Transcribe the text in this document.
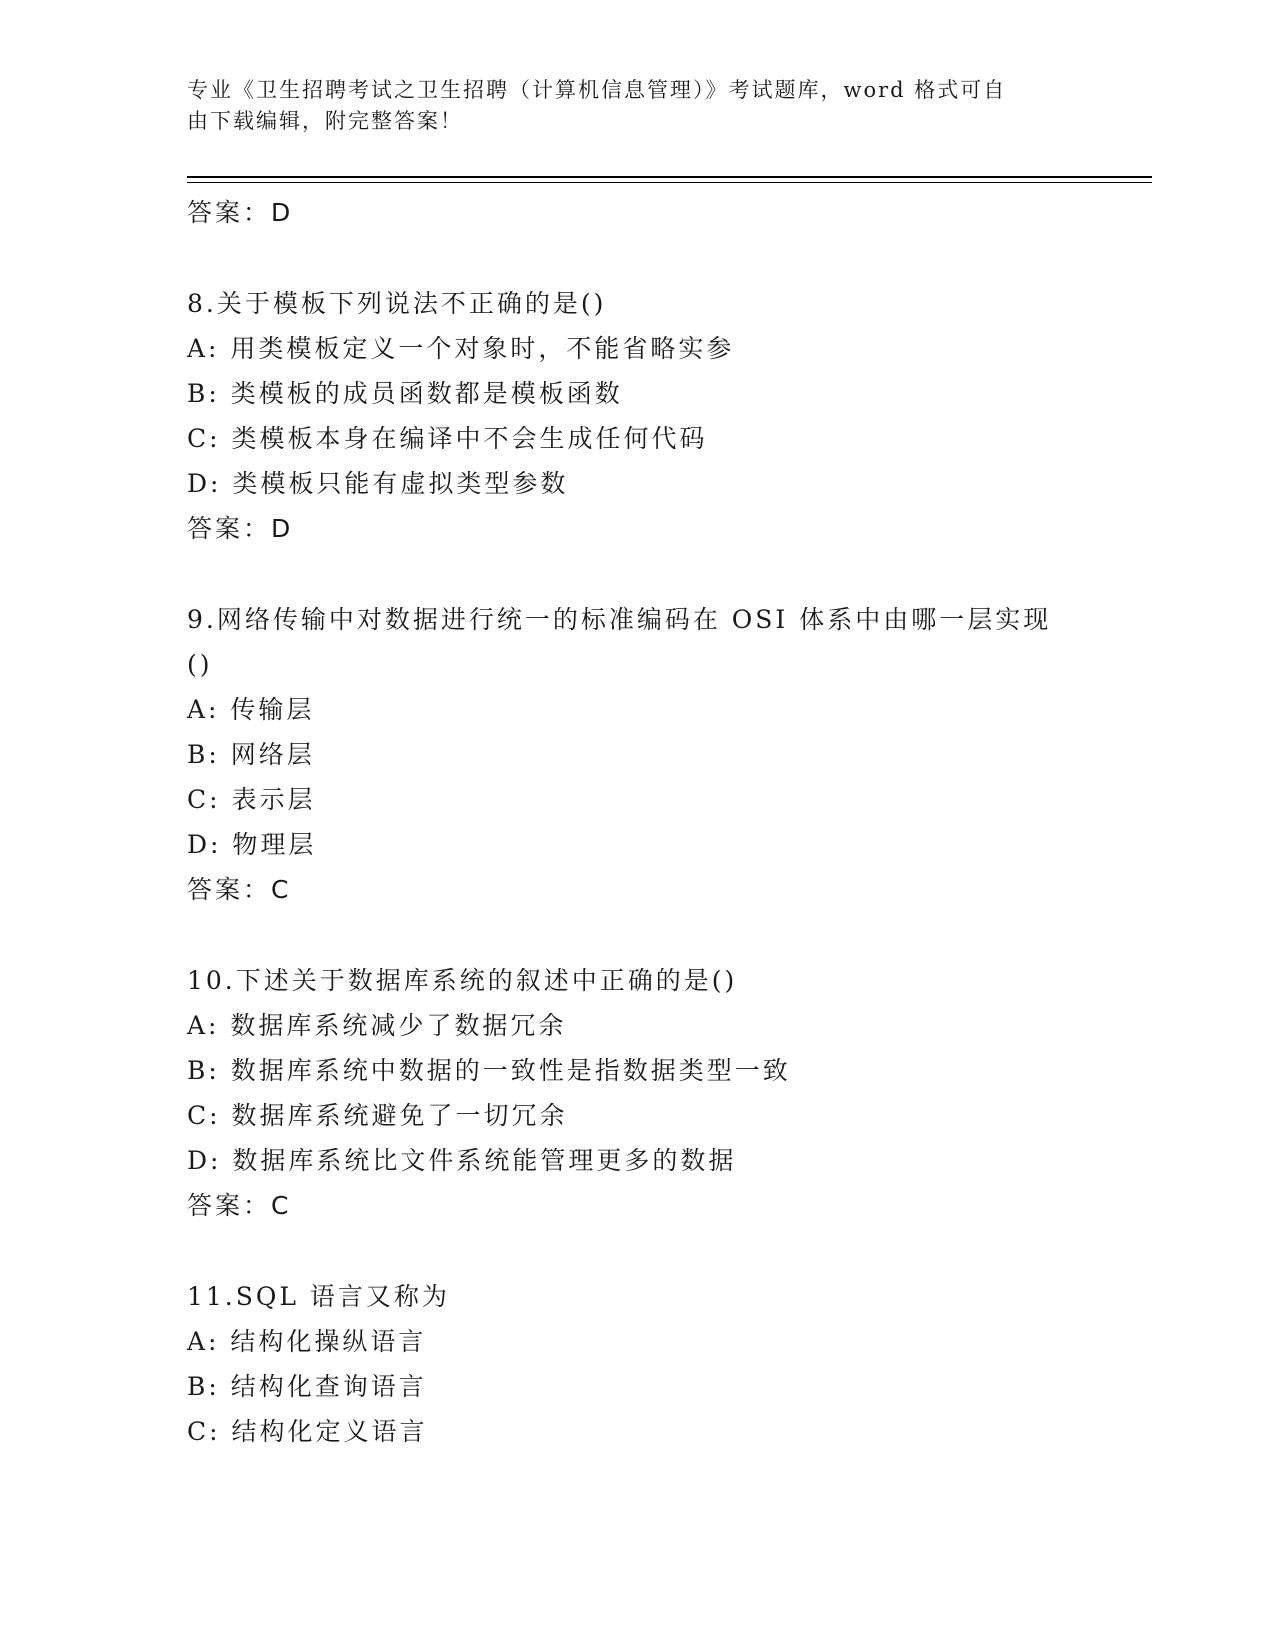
专业《卫生招聘考试之卫生招聘（计算机信息管理）》考试题库，word 格式可自
由下载编辑，附完整答案！
答案：D
8.关于模板下列说法不正确的是()
A: 用类模板定义一个对象时，不能省略实参
B: 类模板的成员函数都是模板函数
C: 类模板本身在编译中不会生成任何代码
D: 类模板只能有虚拟类型参数
答案：D
9.网络传输中对数据进行统一的标准编码在 OSI 体系中由哪一层实现
()
A: 传输层
B: 网络层
C: 表示层
D: 物理层
答案：C
10.下述关于数据库系统的叙述中正确的是()
A: 数据库系统减少了数据冗余
B: 数据库系统中数据的一致性是指数据类型一致
C: 数据库系统避免了一切冗余
D: 数据库系统比文件系统能管理更多的数据
答案：C
11.SQL 语言又称为
A: 结构化操纵语言
B: 结构化查询语言
C: 结构化定义语言
